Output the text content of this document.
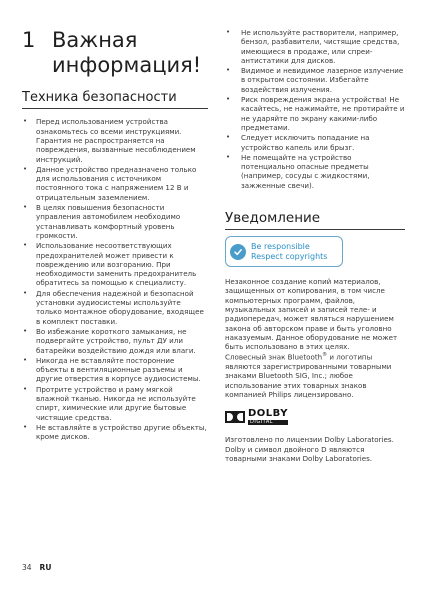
1 Важная
информация!
Техника безопасности
• Перед использованием устройства ознакомьтесь со всеми инструкциями. Гарантия не распространяется на повреждения, вызванные несоблюдением инструкций.
• Данное устройство предназначено только для использования с источником постоянного тока с напряжением 12 В и отрицательным заземлением.
• В целях повышения безопасности управления автомобилем необходимо устанавливать комфортный уровень громкости.
• Использование несоответствующих предохранителей может привести к повреждению или возгоранию. При необходимости заменить предохранитель обратитесь за помощью к специалисту.
• Для обеспечения надежной и безопасной установки аудиосистемы используйте только монтажное оборудование, входящее в комплект поставки.
• Во избежание короткого замыкания, не подвергайте устройство, пульт ДУ или батарейки воздействию дождя или влаги.
• Никогда не вставляйте посторонние объекты в вентиляционные разъемы и другие отверстия в корпусе аудиосистемы.
• Протрите устройство и раму мягкой влажной тканью. Никогда не используйте спирт, химические или другие бытовые чистящие средства.
• Не вставляйте в устройство другие объекты, кроме дисков.
• Не используйте растворители, например, бензол, разбавители, чистящие средства, имеющиеся в продаже, или спреи-антистатики для дисков.
• Видимое и невидимое лазерное излучение в открытом состоянии. Избегайте воздействия излучения.
• Риск повреждения экрана устройства! Не касайтесь, не нажимайте, не протирайте и не ударяйте по экрану какими-либо предметами.
• Следует исключить попадание на устройство капель или брызг.
• Не помещайте на устройство потенциально опасные предметы (например, сосуды с жидкостями, зажженные свечи).
Уведомление
Be responsible
Respect copyrights

Незаконное создание копий материалов, защищенных от копирования, в том числе компьютерных программ, файлов, музыкальных записей и записей теле- и радиопередач, может являться нарушением закона об авторском праве и быть уголовно наказуемым. Данное оборудование не может быть использовано в этих целях.

Словесный знак Bluetooth® и логотипы являются зарегистрированными товарными знаками Bluetooth SIG, Inc.; любое использование этих товарных знаков компанией Philips лицензировано.

DOLBY
DIGITAL

Изготовлено по лицензии Dolby Laboratories. Dolby и символ двойного D являются товарными знаками Dolby Laboratories.

34 RU
